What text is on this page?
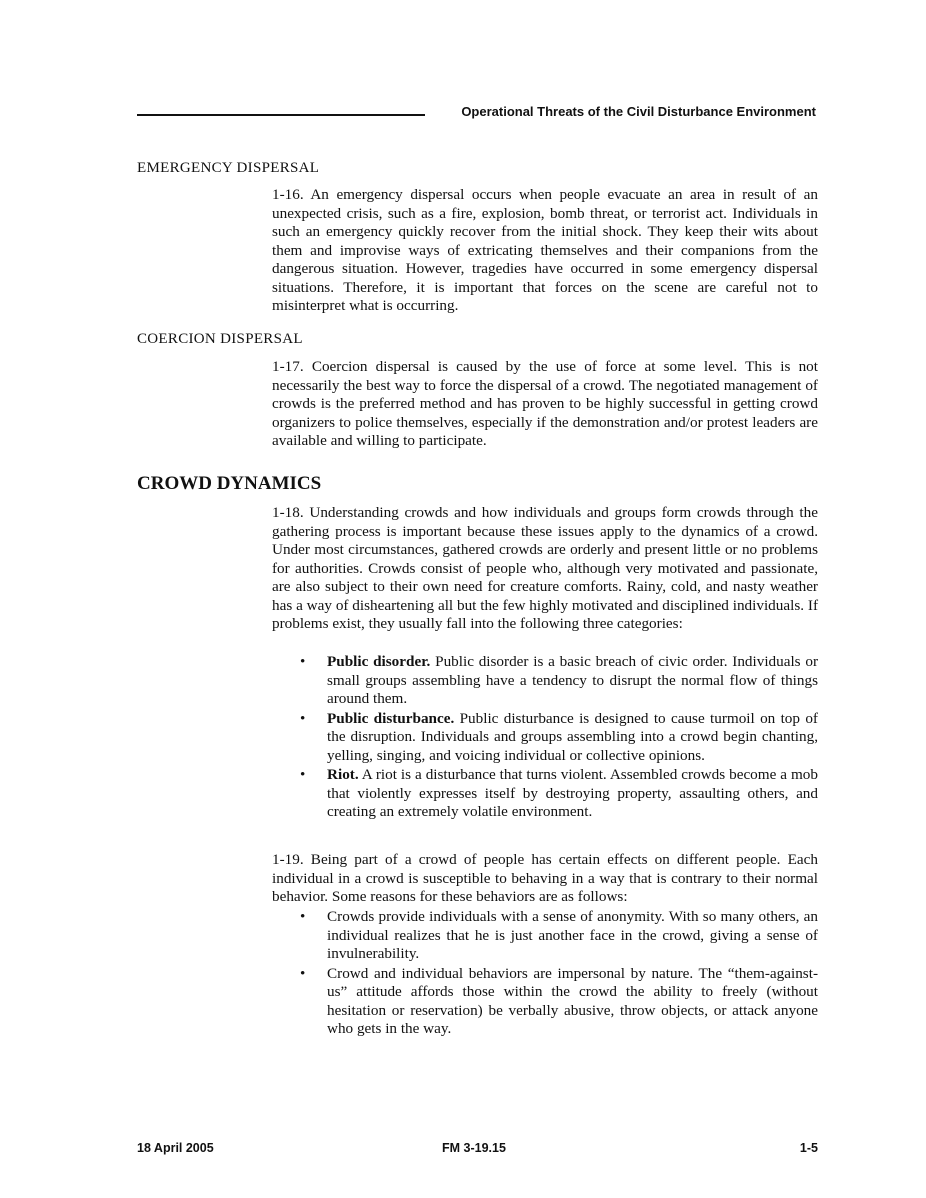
Operational Threats of the Civil Disturbance Environment
EMERGENCY DISPERSAL

1-16. An emergency dispersal occurs when people evacuate an area in result of an unexpected crisis, such as a fire, explosion, bomb threat, or terrorist act. Individuals in such an emergency quickly recover from the initial shock. They keep their wits about them and improvise ways of extricating themselves and their companions from the dangerous situation. However, tragedies have occurred in some emergency dispersal situations. Therefore, it is important that forces on the scene are careful not to misinterpret what is occurring.

COERCION DISPERSAL

1-17. Coercion dispersal is caused by the use of force at some level. This is not necessarily the best way to force the dispersal of a crowd. The negotiated management of crowds is the preferred method and has proven to be highly successful in getting crowd organizers to police themselves, especially if the demonstration and/or protest leaders are available and willing to participate.

CROWD DYNAMICS

1-18. Understanding crowds and how individuals and groups form crowds through the gathering process is important because these issues apply to the dynamics of a crowd. Under most circumstances, gathered crowds are orderly and present little or no problems for authorities. Crowds consist of people who, although very motivated and passionate, are also subject to their own need for creature comforts. Rainy, cold, and nasty weather has a way of disheartening all but the few highly motivated and disciplined individuals. If problems exist, they usually fall into the following three categories:

• Public disorder. Public disorder is a basic breach of civic order. Individuals or small groups assembling have a tendency to disrupt the normal flow of things around them.
• Public disturbance. Public disturbance is designed to cause turmoil on top of the disruption. Individuals and groups assembling into a crowd begin chanting, yelling, singing, and voicing individual or collective opinions.
• Riot. A riot is a disturbance that turns violent. Assembled crowds become a mob that violently expresses itself by destroying property, assaulting others, and creating an extremely volatile environment.

1-19. Being part of a crowd of people has certain effects on different people. Each individual in a crowd is susceptible to behaving in a way that is contrary to their normal behavior. Some reasons for these behaviors are as follows:

• Crowds provide individuals with a sense of anonymity. With so many others, an individual realizes that he is just another face in the crowd, giving a sense of invulnerability.
• Crowd and individual behaviors are impersonal by nature. The “them-against-us” attitude affords those within the crowd the ability to freely (without hesitation or reservation) be verbally abusive, throw objects, or attack anyone who gets in the way.
18 April 2005	FM 3-19.15	1-5
